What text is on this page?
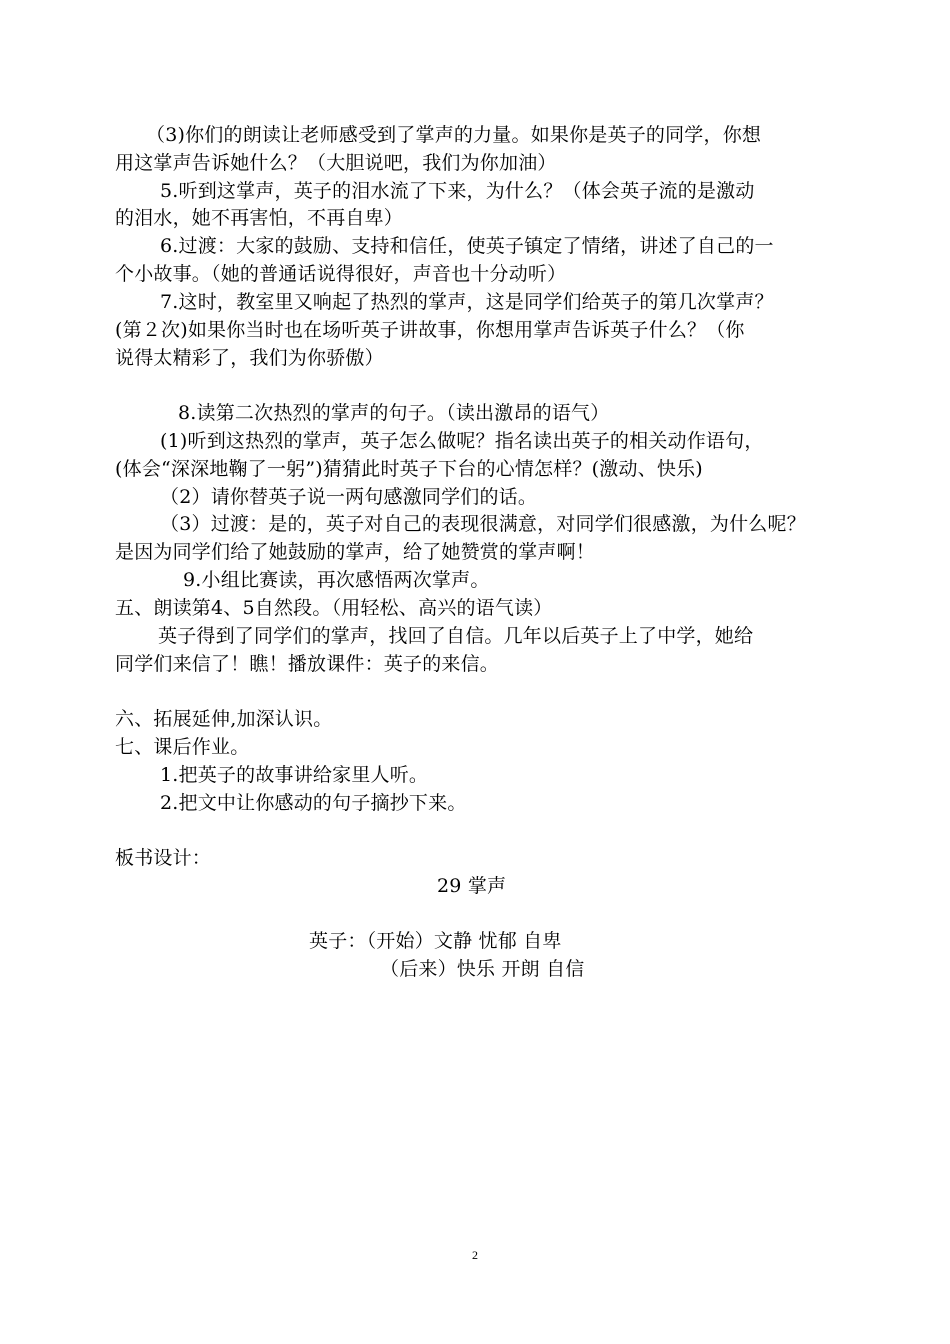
（3)你们的朗读让老师感受到了掌声的力量。如果你是英子的同学，你想
用这掌声告诉她什么？（大胆说吧，我们为你加油）
5.听到这掌声，英子的泪水流了下来，为什么？（体会英子流的是激动
的泪水，她不再害怕，不再自卑）
6.过渡：大家的鼓励、支持和信任，使英子镇定了情绪，讲述了自己的一
个小故事。（她的普通话说得很好，声音也十分动听）
7.这时，教室里又响起了热烈的掌声，这是同学们给英子的第几次掌声？
(第２次)如果你当时也在场听英子讲故事，你想用掌声告诉英子什么？（你
说得太精彩了，我们为你骄傲）
8.读第二次热烈的掌声的句子。（读出激昂的语气）
(1)听到这热烈的掌声，英子怎么做呢？指名读出英子的相关动作语句，
(体会“深深地鞠了一躬”)猜猜此时英子下台的心情怎样？(激动、快乐)
（2）请你替英子说一两句感激同学们的话。
（3）过渡：是的，英子对自己的表现很满意，对同学们很感激，为什么呢？
是因为同学们给了她鼓励的掌声，给了她赞赏的掌声啊！
9.小组比赛读，再次感悟两次掌声。
五、朗读第4、5自然段。（用轻松、高兴的语气读）
英子得到了同学们的掌声，找回了自信。几年以后英子上了中学，她给
同学们来信了！瞧！播放课件：英子的来信。
六、拓展延伸,加深认识。
七、课后作业。
1.把英子的故事讲给家里人听。
2.把文中让你感动的句子摘抄下来。
板书设计：
29 掌声
英子：（开始）文静 忧郁 自卑
（后来）快乐 开朗 自信
2
